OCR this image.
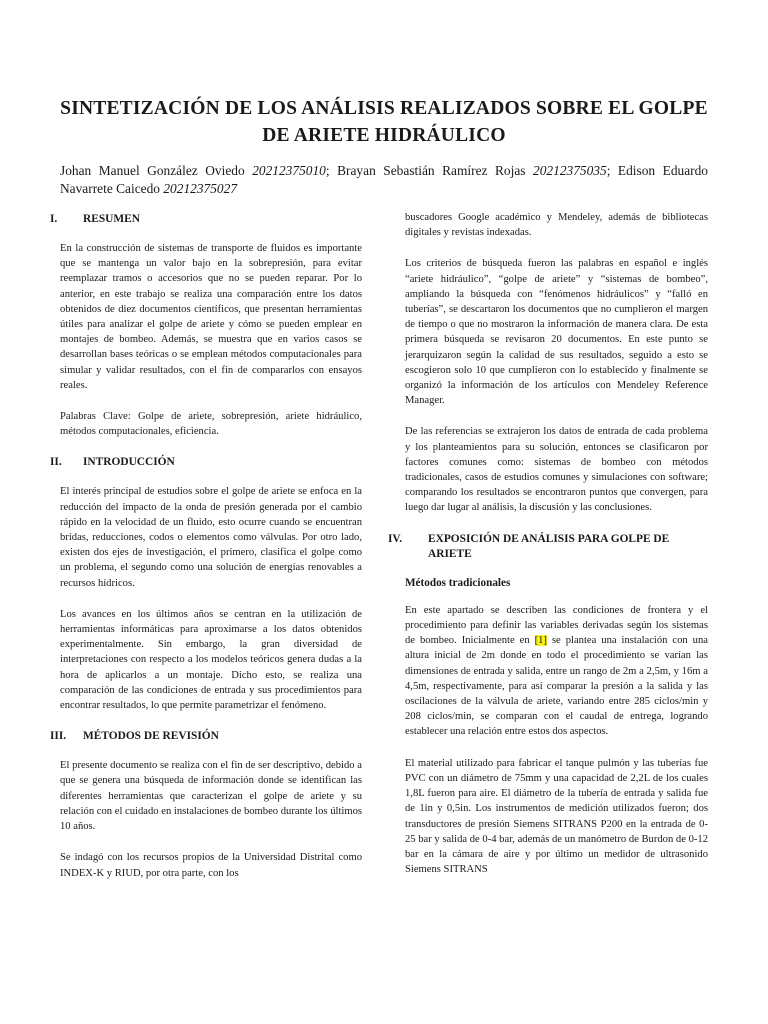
SINTETIZACIÓN DE LOS ANÁLISIS REALIZADOS SOBRE EL GOLPE DE ARIETE HIDRÁULICO
Johan Manuel González Oviedo 20212375010; Brayan Sebastián Ramírez Rojas 20212375035; Edison Eduardo Navarrete Caicedo 20212375027
I.	RESUMEN

En la construcción de sistemas de transporte de fluidos es importante que se mantenga un valor bajo en la sobrepresión, para evitar reemplazar tramos o accesorios que no se pueden reparar. Por lo anterior, en este trabajo se realiza una comparación entre los datos obtenidos de diez documentos científicos, que presentan herramientas útiles para analizar el golpe de ariete y cómo se pueden emplear en montajes de bombeo. Además, se muestra que en varios casos se desarrollan bases teóricas o se emplean métodos computacionales para simular y validar resultados, con el fin de compararlos con ensayos reales.

Palabras Clave: Golpe de ariete, sobrepresión, ariete hidráulico, métodos computacionales, eficiencia.

II.	INTRODUCCIÓN

El interés principal de estudios sobre el golpe de ariete se enfoca en la reducción del impacto de la onda de presión generada por el cambio rápido en la velocidad de un fluido, esto ocurre cuando se encuentran bridas, reducciones, codos o elementos como válvulas. Por otro lado, existen dos ejes de investigación, el primero, clasifica el golpe como un problema, el segundo como una solución de energías renovables a recursos hídricos.

Los avances en los últimos años se centran en la utilización de herramientas informáticas para aproximarse a los datos obtenidos experimentalmente. Sin embargo, la gran diversidad de interpretaciones con respecto a los modelos teóricos genera dudas a la hora de aplicarlos a un montaje. Dicho esto, se realiza una comparación de las condiciones de entrada y sus procedimientos para encontrar resultados, lo que permite parametrizar el fenómeno.

III.	MÉTODOS DE REVISIÓN

El presente documento se realiza con el fin de ser descriptivo, debido a que se genera una búsqueda de información donde se identifican las diferentes herramientas que caracterizan el golpe de ariete y su relación con el cuidado en instalaciones de bombeo durante los últimos 10 años.

Se indagó con los recursos propios de la Universidad Distrital como INDEX-K y RIUD, por otra parte, con los

buscadores Google académico y Mendeley, además de bibliotecas digitales y revistas indexadas.

Los criterios de búsqueda fueron las palabras en español e inglés “ariete hidráulico”, “golpe de ariete” y “sistemas de bombeo”, ampliando la búsqueda con “fenómenos hidráulicos” y “falló en tuberías”, se descartaron los documentos que no cumplieron el margen de tiempo o que no mostraron la información de manera clara. De esta primera búsqueda se revisaron 20 documentos. En este punto se jerarquizaron según la calidad de sus resultados, seguido a esto se escogieron solo 10 que cumplieron con lo establecido y finalmente se organizó la información de los artículos con Mendeley Reference Manager.

De las referencias se extrajeron los datos de entrada de cada problema y los planteamientos para su solución, entonces se clasificaron por factores comunes como: sistemas de bombeo con métodos tradicionales, casos de estudios comunes y simulaciones con software; comparando los resultados se encontraron puntos que convergen, para luego dar lugar al análisis, la discusión y las conclusiones.

IV.	EXPOSICIÓN DE ANÁLISIS PARA GOLPE DE ARIETE
Métodos tradicionales

En este apartado se describen las condiciones de frontera y el procedimiento para definir las variables derivadas según los sistemas de bombeo. Inicialmente en [1] se plantea una instalación con una altura inicial de 2m donde en todo el procedimiento se varían las dimensiones de entrada y salida, entre un rango de 2m a 2,5m, y 16m a 4,5m, respectivamente, para así comparar la presión a la salida y las oscilaciones de la válvula de ariete, variando entre 285 ciclos/min y 208 ciclos/min, se comparan con el caudal de entrega, logrando establecer una relación entre estos dos aspectos.

El material utilizado para fabricar el tanque pulmón y las tuberías fue PVC con un diámetro de 75mm y una capacidad de 2,2L de los cuales 1,8L fueron para aire. El diámetro de la tubería de entrada y salida fue de 1in y 0,5in. Los instrumentos de medición utilizados fueron; dos transductores de presión Siemens SITRANS P200 en la entrada de 0-25 bar y salida de 0-4 bar, además de un manómetro de Burdon de 0-12 bar en la cámara de aire y por último un medidor de ultrasonido Siemens SITRANS
